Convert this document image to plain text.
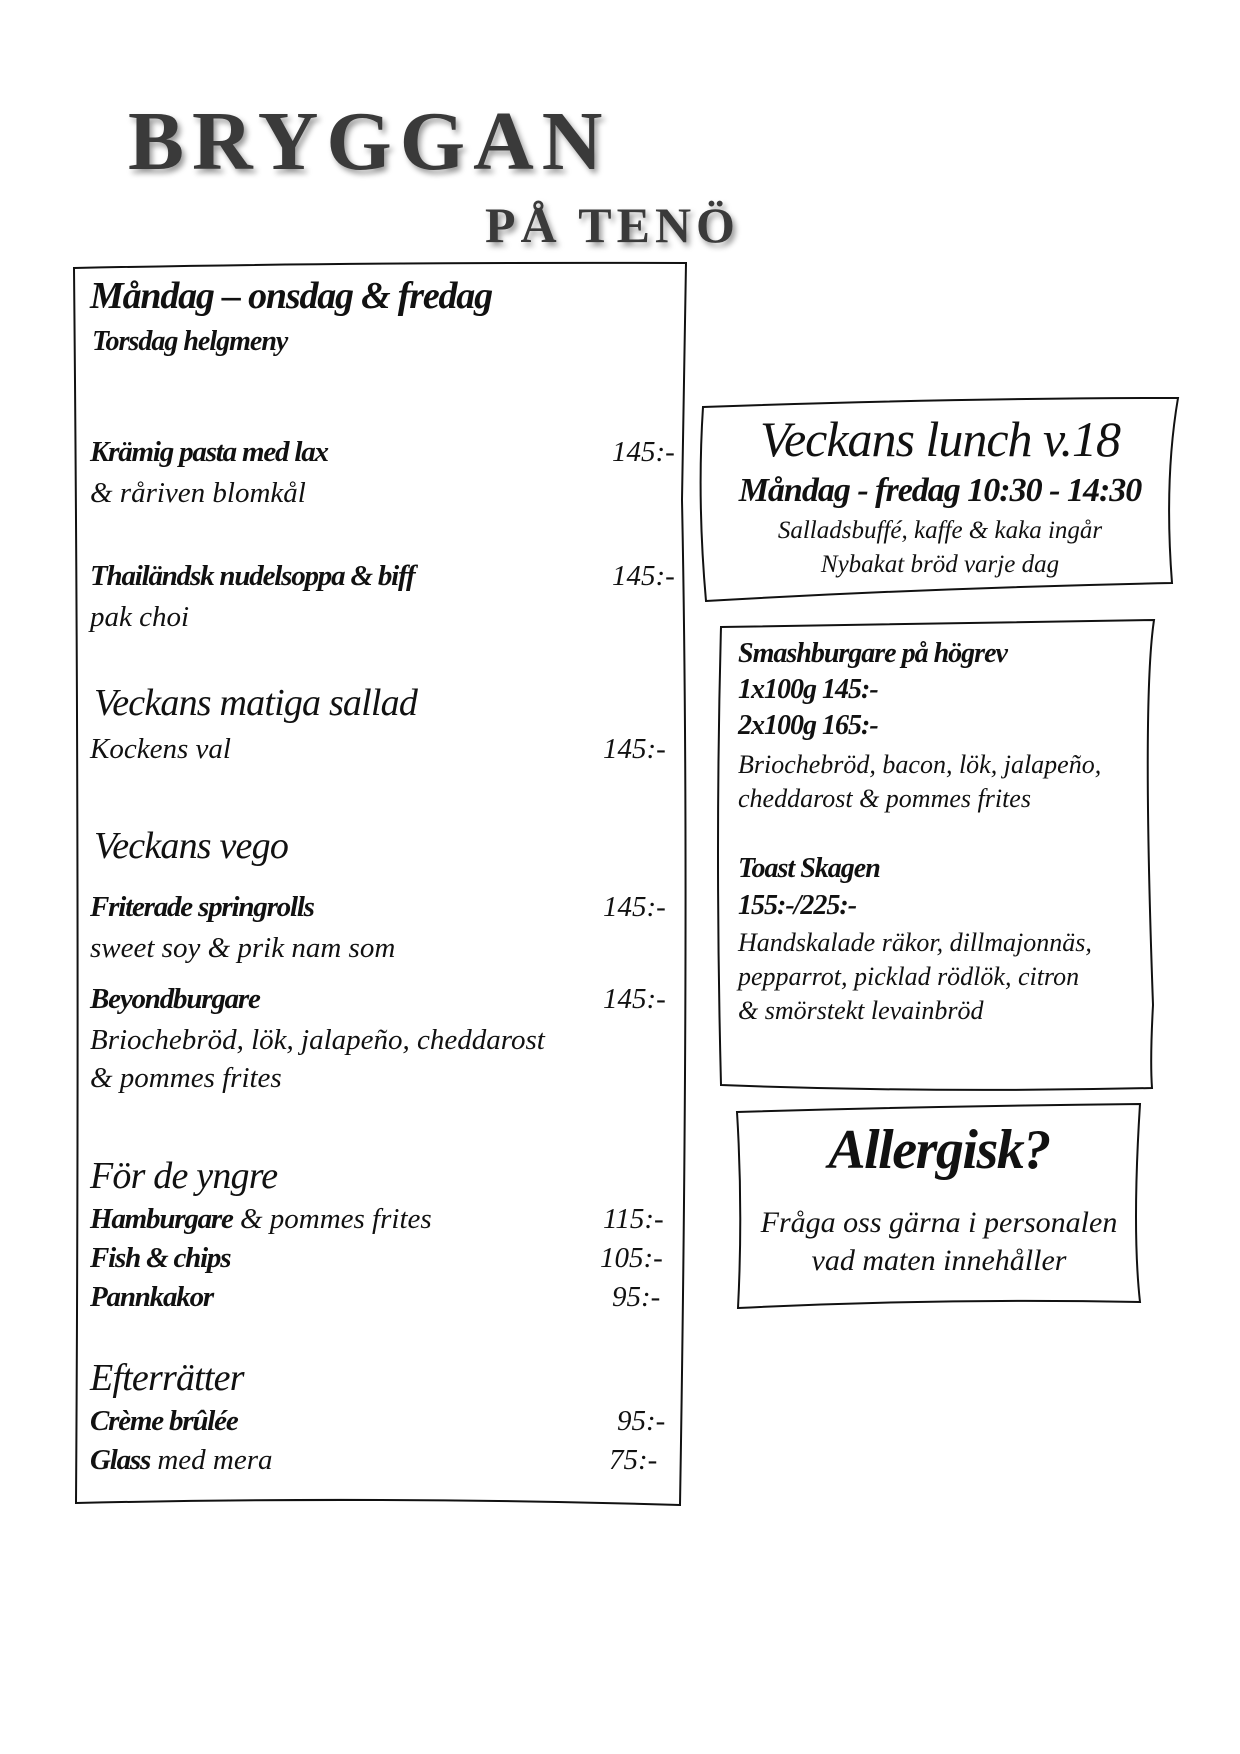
BRYGGAN
PÅ TENÖ
Måndag – onsdag & fredag
Torsdag helgmeny
Krämig pasta med lax	145:-
& råriven blomkål
Thailändsk nudelsoppa & biff	145:-
pak choi
Veckans matiga sallad
Kockens val	145:-
Veckans vego
Friterade springrolls	145:-
sweet soy & prik nam som
Beyondburgare	145:-
Briochebröd, lök, jalapeño, cheddarost
& pommes frites
För de yngre
Hamburgare & pommes frites	115:-
Fish & chips	105:-
Pannkakor	95:-
Efterrätter
Crème brûlée	95:-
Glass med mera	75:-
Veckans lunch v.18
Måndag - fredag 10:30 - 14:30
Salladsbuffé, kaffe & kaka ingår
Nybakat bröd varje dag
Smashburgare på högrev
1x100g 145:-
2x100g 165:-
Briochebröd, bacon, lök, jalapeño,
cheddarost & pommes frites
Toast Skagen
155:-/225:-
Handskalade räkor, dillmajonnäs,
pepparrot, picklad rödlök, citron
& smörstekt levainbröd
Allergisk?
Fråga oss gärna i personalen
vad maten innehåller
